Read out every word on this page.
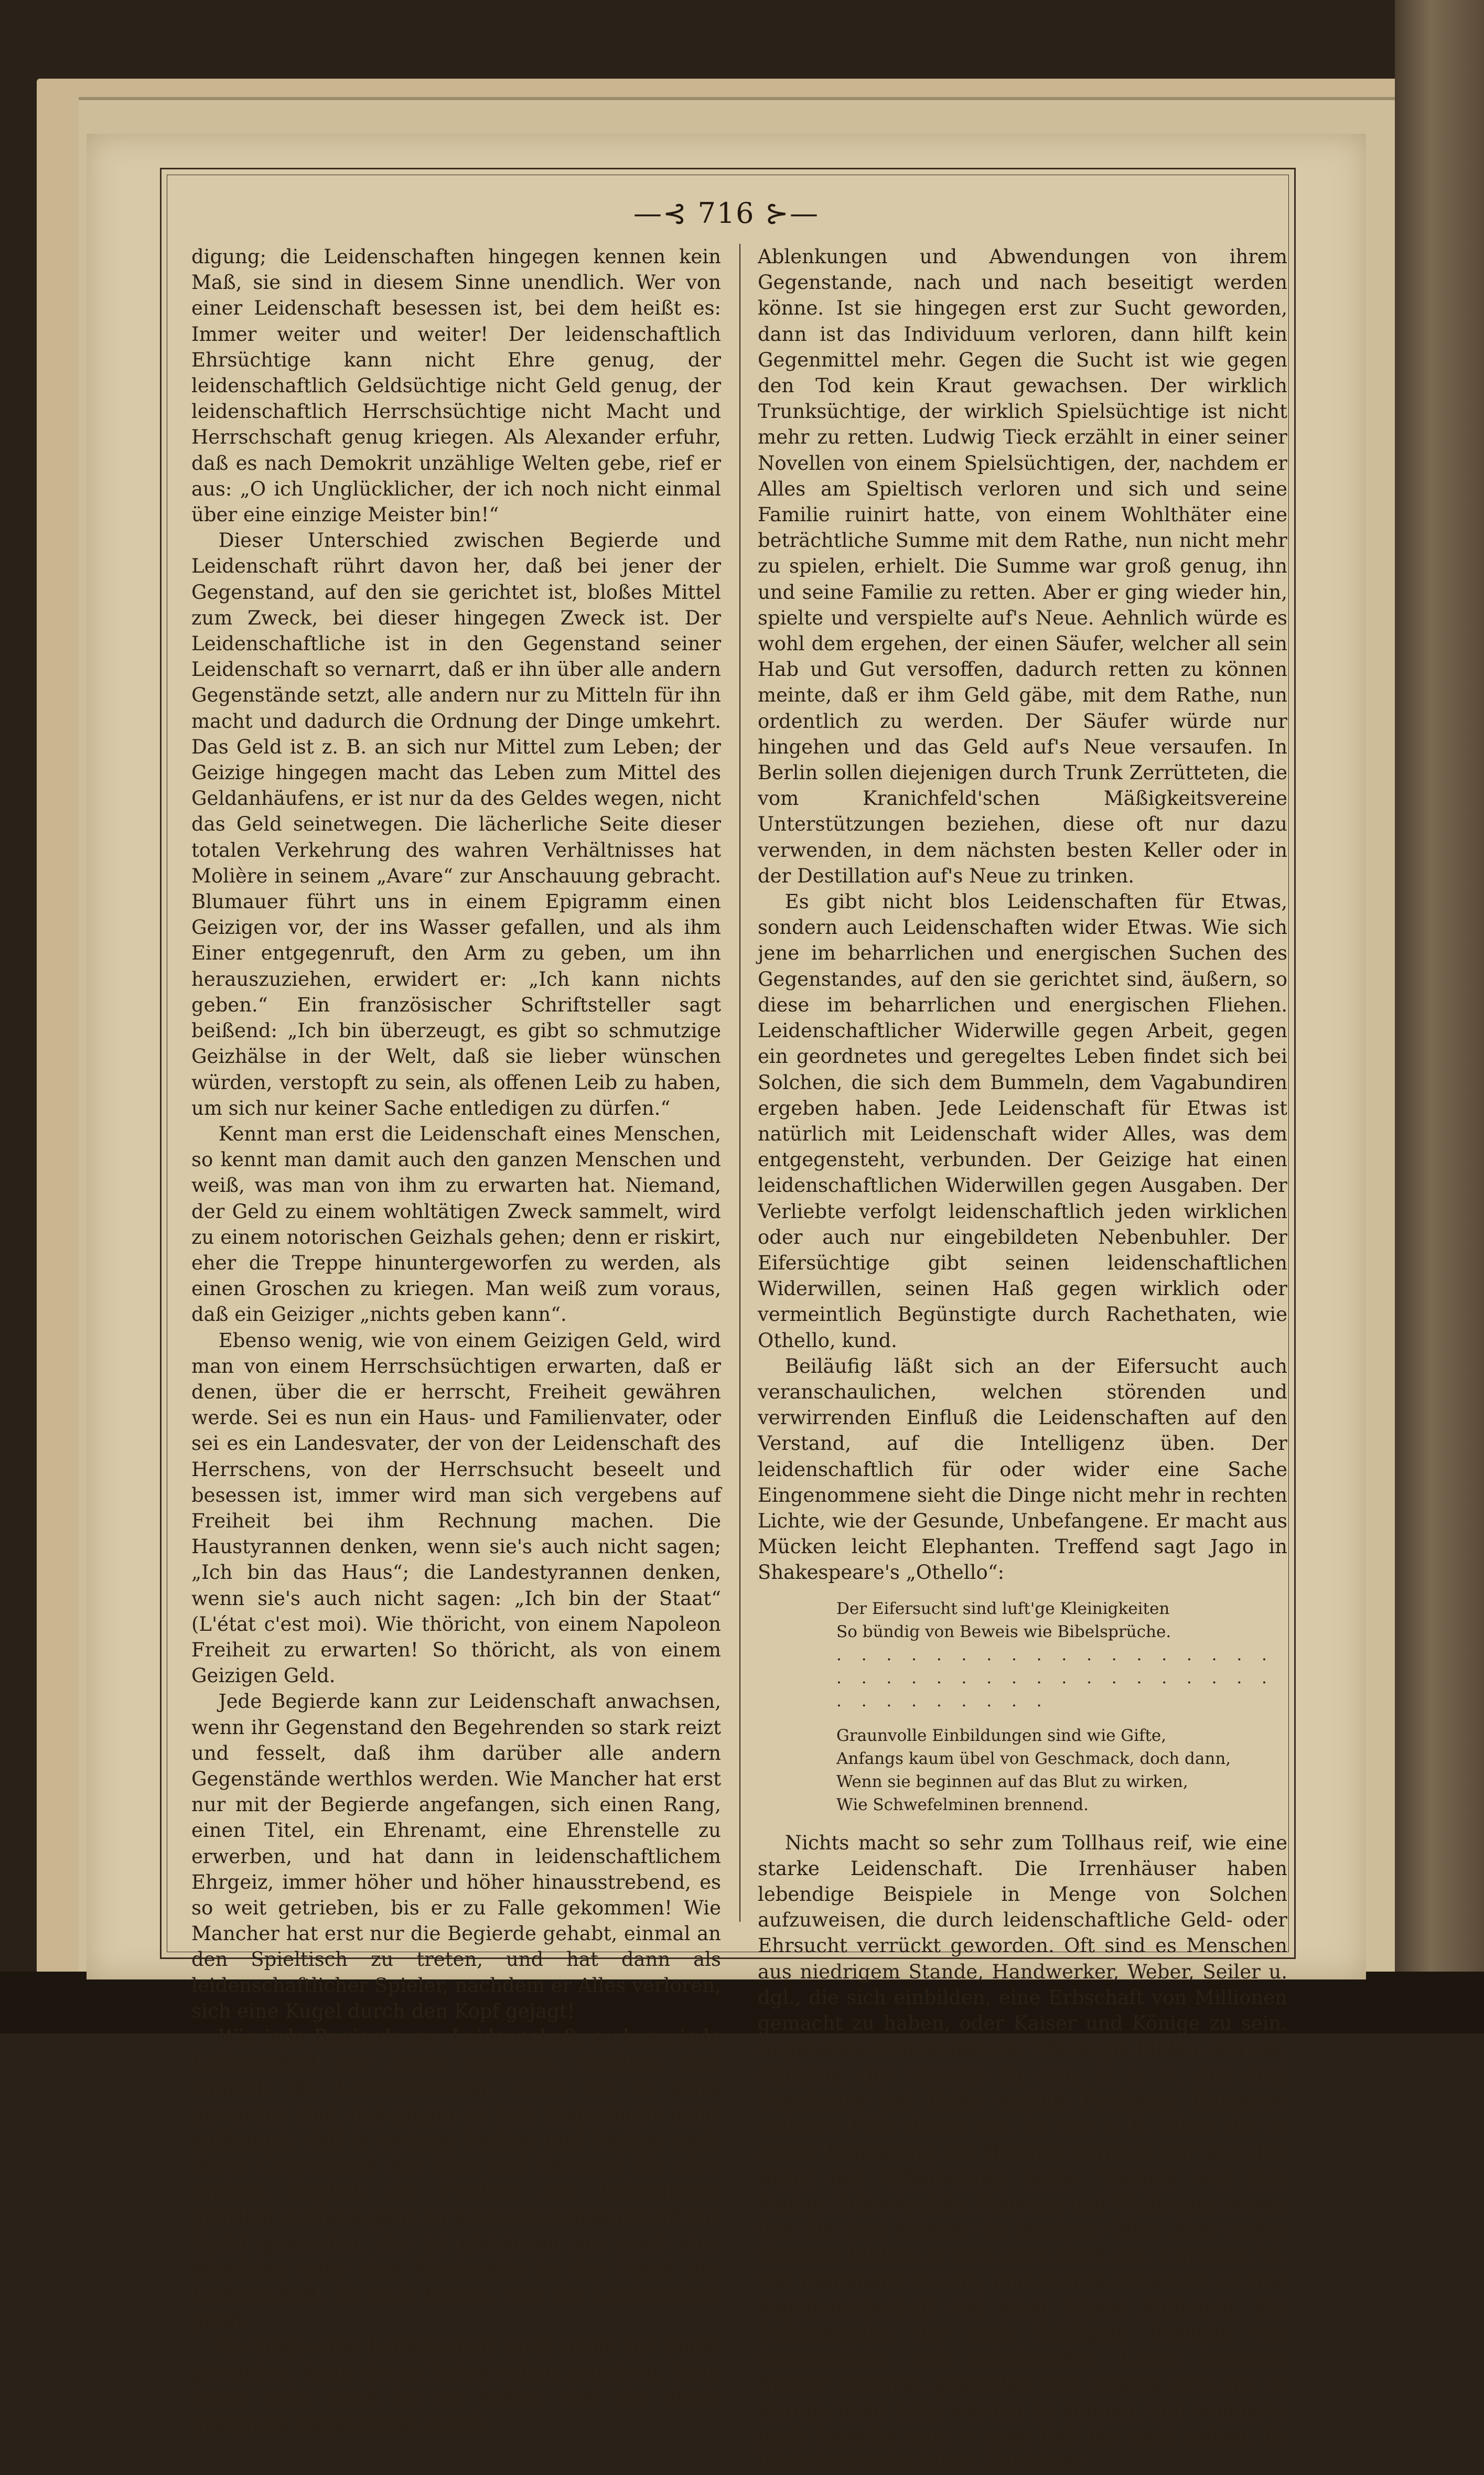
—⊰ 716 ⊱—

digung; die Leidenschaften hingegen kennen kein Maß, sie sind in diesem Sinne unendlich. Wer von einer Leidenschaft besessen ist, bei dem heißt es: Immer weiter und weiter! Der leidenschaftlich Ehrsüchtige kann nicht Ehre genug, der leidenschaftlich Geldsüchtige nicht Geld genug, der leidenschaftlich Herrschsüchtige nicht Macht und Herrschschaft genug kriegen. Als Alexander erfuhr, daß es nach Demokrit unzählige Welten gebe, rief er aus: „O ich Unglücklicher, der ich noch nicht einmal über eine einzige Meister bin!“

Dieser Unterschied zwischen Begierde und Leidenschaft rührt davon her, daß bei jener der Gegenstand, auf den sie gerichtet ist, bloßes Mittel zum Zweck, bei dieser hingegen Zweck ist. Der Leidenschaftliche ist in den Gegenstand seiner Leidenschaft so vernarrt, daß er ihn über alle andern Gegenstände setzt, alle andern nur zu Mitteln für ihn macht und dadurch die Ordnung der Dinge umkehrt. Das Geld ist z. B. an sich nur Mittel zum Leben; der Geizige hingegen macht das Leben zum Mittel des Geldanhäufens, er ist nur da des Geldes wegen, nicht das Geld seinetwegen. Die lächerliche Seite dieser totalen Verkehrung des wahren Verhältnisses hat Molière in seinem „Avare“ zur Anschauung gebracht. Blumauer führt uns in einem Epigramm einen Geizigen vor, der ins Wasser gefallen, und als ihm Einer entgegenruft, den Arm zu geben, um ihn herauszuziehen, erwidert er: „Ich kann nichts geben.“ Ein französischer Schriftsteller sagt beißend: „Ich bin überzeugt, es gibt so schmutzige Geizhälse in der Welt, daß sie lieber wünschen würden, verstopft zu sein, als offenen Leib zu haben, um sich nur keiner Sache entledigen zu dürfen.“

Kennt man erst die Leidenschaft eines Menschen, so kennt man damit auch den ganzen Menschen und weiß, was man von ihm zu erwarten hat. Niemand, der Geld zu einem wohltätigen Zweck sammelt, wird zu einem notorischen Geizhals gehen; denn er riskirt, eher die Treppe hinuntergeworfen zu werden, als einen Groschen zu kriegen. Man weiß zum voraus, daß ein Geiziger „nichts geben kann“.

Ebenso wenig, wie von einem Geizigen Geld, wird man von einem Herrschsüchtigen erwarten, daß er denen, über die er herrscht, Freiheit gewähren werde. Sei es nun ein Haus- und Familienvater, oder sei es ein Landesvater, der von der Leidenschaft des Herrschens, von der Herrschsucht beseelt und besessen ist, immer wird man sich vergebens auf Freiheit bei ihm Rechnung machen. Die Haustyrannen denken, wenn sie's auch nicht sagen; „Ich bin das Haus“; die Landestyrannen denken, wenn sie's auch nicht sagen: „Ich bin der Staat“ (L'état c'est moi). Wie thöricht, von einem Napoleon Freiheit zu erwarten! So thöricht, als von einem Geizigen Geld.

Jede Begierde kann zur Leidenschaft anwachsen, wenn ihr Gegenstand den Begehrenden so stark reizt und fesselt, daß ihm darüber alle andern Gegenstände werthlos werden. Wie Mancher hat erst nur mit der Begierde angefangen, sich einen Rang, einen Titel, ein Ehrenamt, eine Ehrenstelle zu erwerben, und hat dann in leidenschaftlichem Ehrgeiz, immer höher und höher hinausstrebend, es so weit getrieben, bis er zu Falle gekommen! Wie Mancher hat erst nur die Begierde gehabt, einmal an den Spieltisch zu treten, und hat dann als leidenschaftlicher Spieler, nachdem er Alles verloren, sich eine Kugel durch den Kopf gejagt!

Wie jede Begierde zur Leidenschaft, so kann jede Leidenschaft zur Sucht ausarten. Suchten sind nämlich die Leidenschaften, wenn sie so stark geworden sind, daß gegen sie kein Gegenmotiv mehr aufkommt, daß in ewigem Suchen und Suchen nach ihrem Gegenstand der Sinn und Verstand für alles Andere, folglich die Freiheit des Individuums gänzlich verloren geht. In wem eine Leidenschaft zur Sucht geworden, der ist gleichsam nur noch eine Maschine oder eine Marionette in der Hand der Leidenschaft. Er muß tanzen, wie die Leidenschaft pfeift.

So lange eine Leidenschaft noch nicht zur Sucht geworden, kann sie zu Zeiten ruhen, pausiren, kann latent sein; auch ist zu hoffen, daß sie durch geeignete Gegenmittel, durch

Ablenkungen und Abwendungen von ihrem Gegenstande, nach und nach beseitigt werden könne. Ist sie hingegen erst zur Sucht geworden, dann ist das Individuum verloren, dann hilft kein Gegenmittel mehr. Gegen die Sucht ist wie gegen den Tod kein Kraut gewachsen. Der wirklich Trunksüchtige, der wirklich Spielsüchtige ist nicht mehr zu retten. Ludwig Tieck erzählt in einer seiner Novellen von einem Spielsüchtigen, der, nachdem er Alles am Spieltisch verloren und sich und seine Familie ruinirt hatte, von einem Wohlthäter eine beträchtliche Summe mit dem Rathe, nun nicht mehr zu spielen, erhielt. Die Summe war groß genug, ihn und seine Familie zu retten. Aber er ging wieder hin, spielte und verspielte auf's Neue. Aehnlich würde es wohl dem ergehen, der einen Säufer, welcher all sein Hab und Gut versoffen, dadurch retten zu können meinte, daß er ihm Geld gäbe, mit dem Rathe, nun ordentlich zu werden. Der Säufer würde nur hingehen und das Geld auf's Neue versaufen. In Berlin sollen diejenigen durch Trunk Zerrütteten, die vom Kranichfeld'schen Mäßigkeitsvereine Unterstützungen beziehen, diese oft nur dazu verwenden, in dem nächsten besten Keller oder in der Destillation auf's Neue zu trinken.

Es gibt nicht blos Leidenschaften für Etwas, sondern auch Leidenschaften wider Etwas. Wie sich jene im beharrlichen und energischen Suchen des Gegenstandes, auf den sie gerichtet sind, äußern, so diese im beharrlichen und energischen Fliehen. Leidenschaftlicher Widerwille gegen Arbeit, gegen ein geordnetes und geregeltes Leben findet sich bei Solchen, die sich dem Bummeln, dem Vagabundiren ergeben haben. Jede Leidenschaft für Etwas ist natürlich mit Leidenschaft wider Alles, was dem entgegensteht, verbunden. Der Geizige hat einen leidenschaftlichen Widerwillen gegen Ausgaben. Der Verliebte verfolgt leidenschaftlich jeden wirklichen oder auch nur eingebildeten Nebenbuhler. Der Eifersüchtige gibt seinen leidenschaftlichen Widerwillen, seinen Haß gegen wirklich oder vermeintlich Begünstigte durch Rachethaten, wie Othello, kund.

Beiläufig läßt sich an der Eifersucht auch veranschaulichen, welchen störenden und verwirrenden Einfluß die Leidenschaften auf den Verstand, auf die Intelligenz üben. Der leidenschaftlich für oder wider eine Sache Eingenommene sieht die Dinge nicht mehr in rechten Lichte, wie der Gesunde, Unbefangene. Er macht aus Mücken leicht Elephanten. Treffend sagt Jago in Shakespeare's „Othello“:

Der Eifersucht sind luft'ge Kleinigkeiten
So bündig von Beweis wie Bibelsprüche.
. . . . . . . . . . . . . . . . . . . . . . . . . . . . . . . . . . . . . . . . . . . . .
Graunvolle Einbildungen sind wie Gifte,
Anfangs kaum übel von Geschmack, doch dann,
Wenn sie beginnen auf das Blut zu wirken,
Wie Schwefelminen brennend.

Nichts macht so sehr zum Tollhaus reif, wie eine starke Leidenschaft. Die Irrenhäuser haben lebendige Beispiele in Menge von Solchen aufzuweisen, die durch leidenschaftliche Geld- oder Ehrsucht verrückt geworden. Oft sind es Menschen aus niedrigem Stande, Handwerker, Weber, Seiler u. dgl., die sich einbilden, eine Erbschaft von Millionen gemacht zu haben, oder Kaiser und Könige zu sein. Angehende Candidaten der Theologie bilden sich ein, Christus, der Messias zu sein, u. s. w. Aus dem Irrenhause bei Halle erzählt Professor Damerow mehrere Fälle dieser Art. Da war z. B. Einer, der in seiner Einbildung der Heiland Christus war und den Beruf der Offenbarung hatte. Tholuck war ihm Paulus; Schwetschke, Schwarz und Wislicenus waren ihm die drei Männer im feurigen Ofen. Aber außer Christus bildete er sich auch noch ein, Christian VI. von Dänemark zu sein, und ebenso erwartete er eine Familienerbschaft von einer Masse Millionen. Ein Seilermeister, der nach fleißigem Besuche von Conventikeln und anhaltendem Lesen frommer Bücher verrückt geworden war, bildete sich ein, in Europa nicht selig werden zu können, und wanderte nach Amerika aus; — man ließ ihn auch gehen. Er blieb dort sechs Jahre. Zurückge-
